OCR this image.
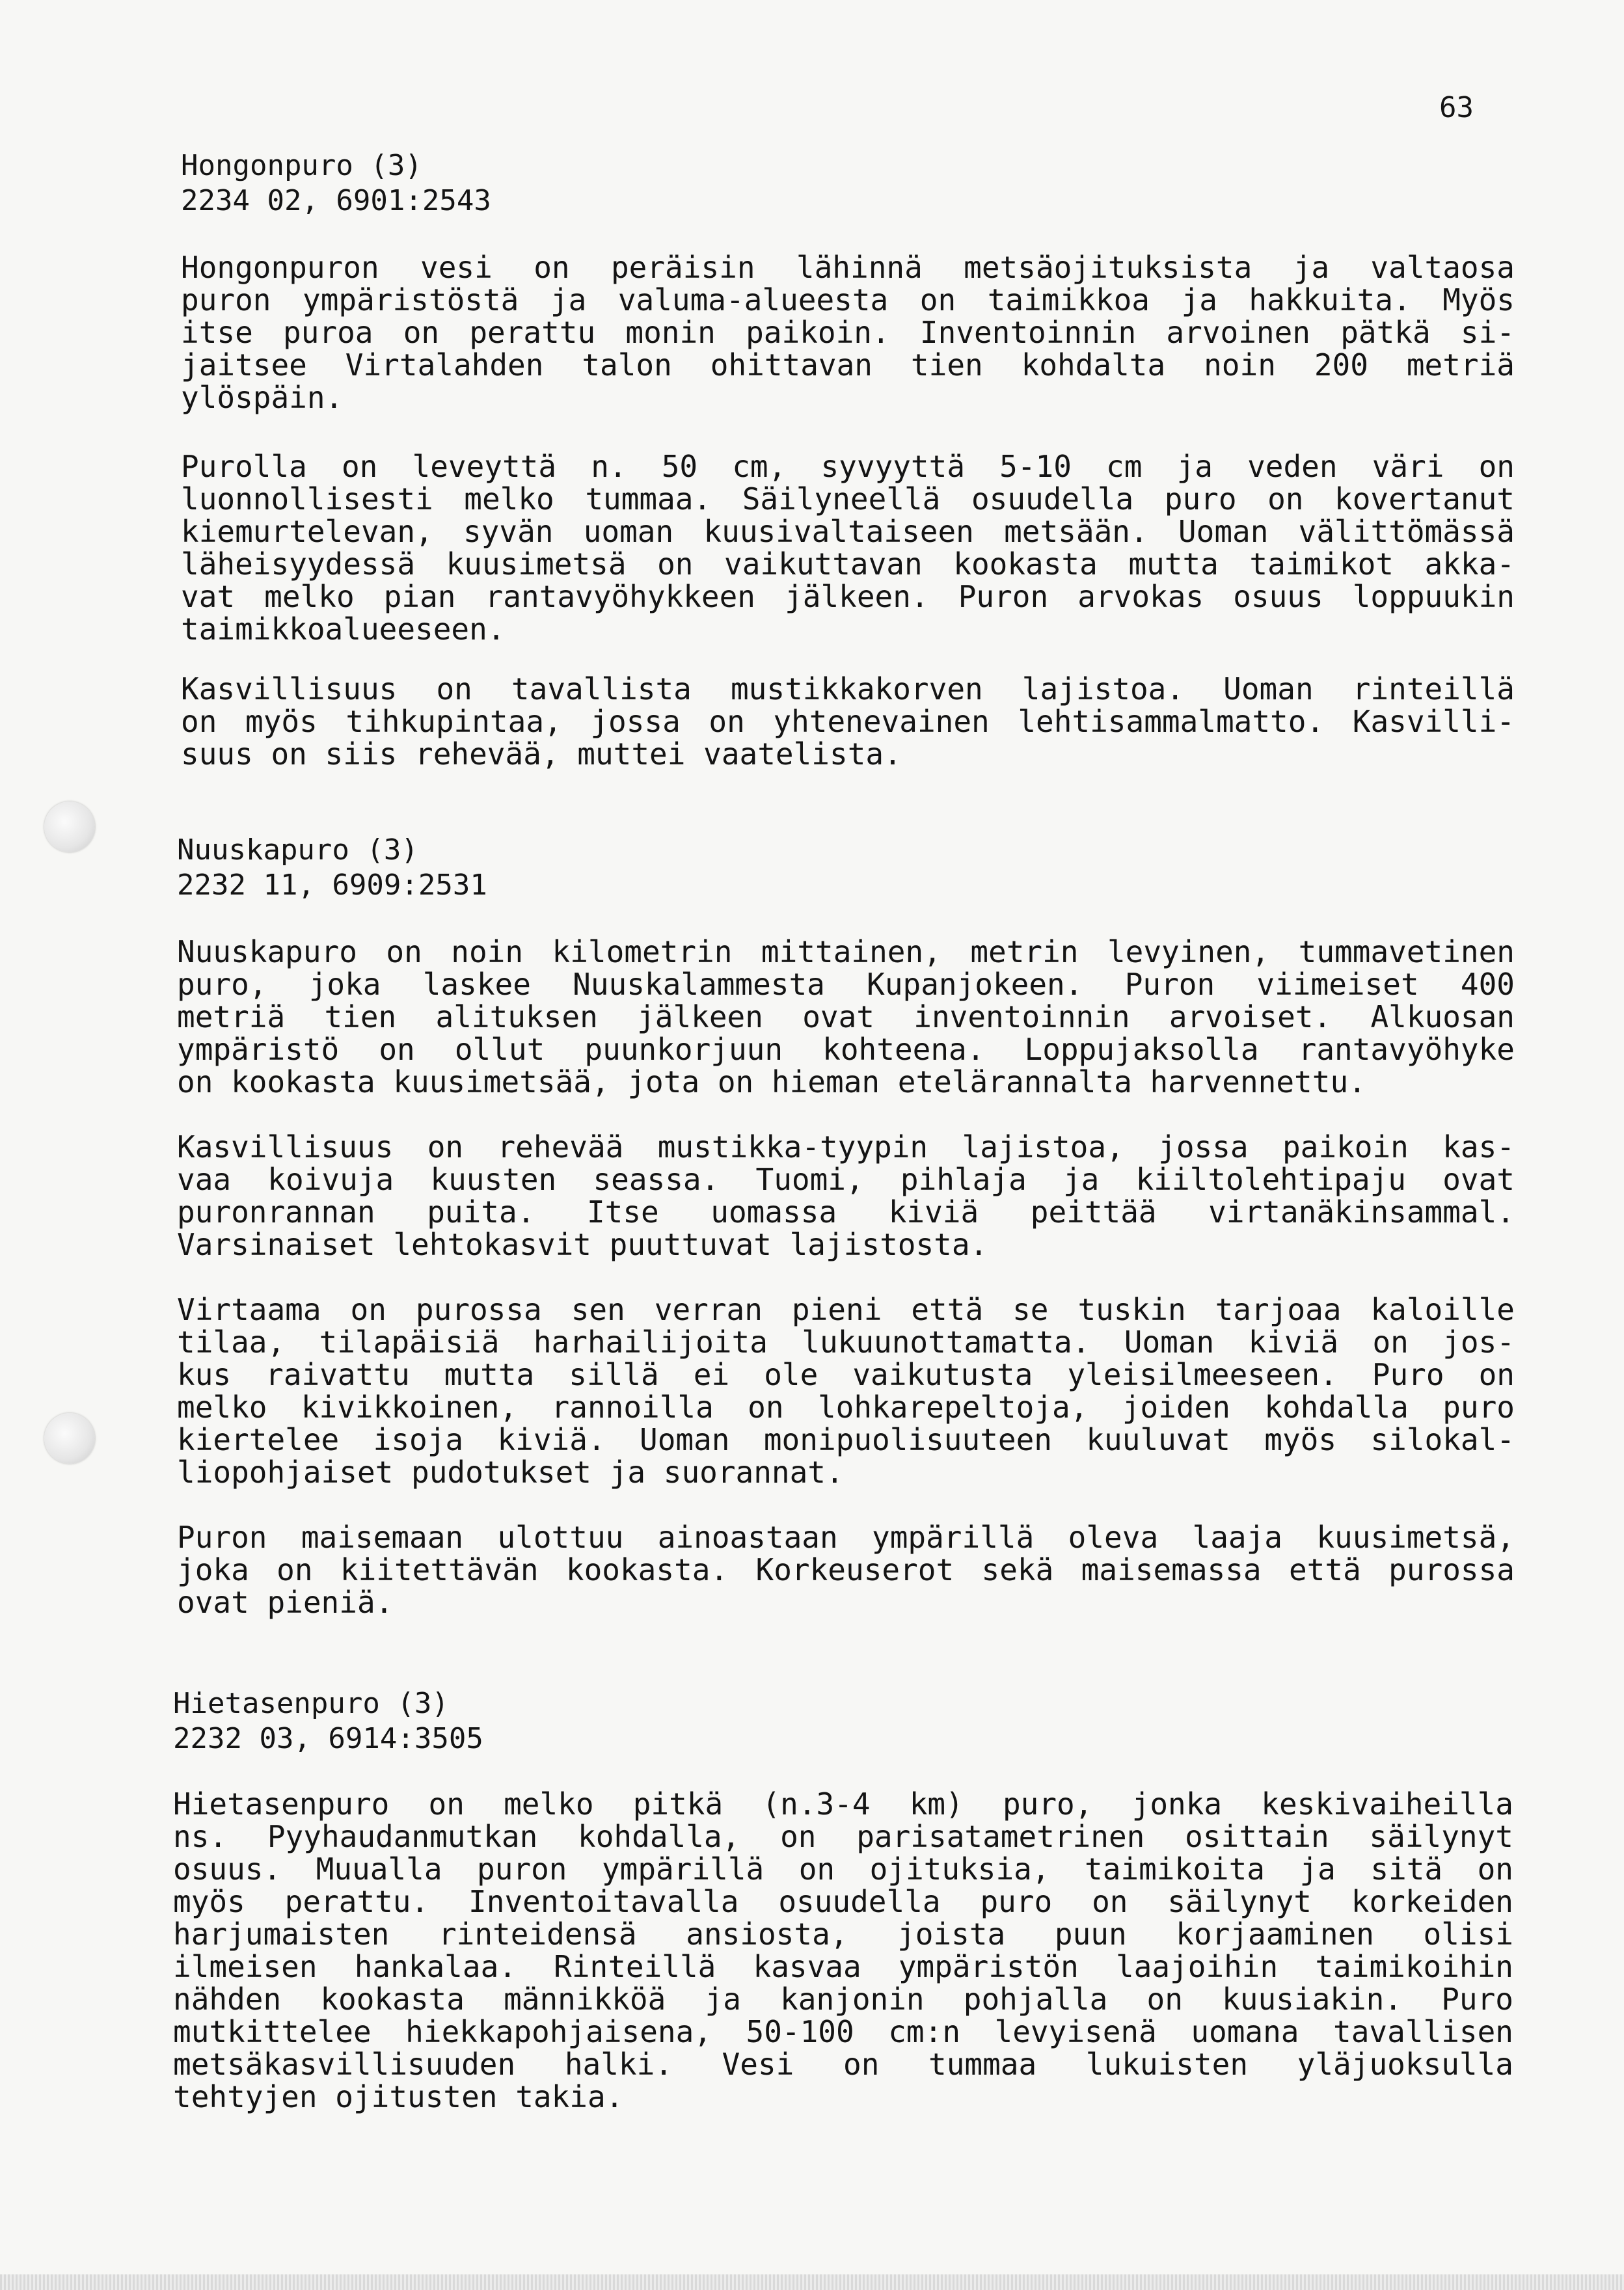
63
Hongonpuro (3)
2234 02, 6901:2543
Hongonpuron vesi on peräisin lähinnä metsäojituksista ja valtaosa
puron ympäristöstä ja valuma-alueesta on taimikkoa ja hakkuita. Myös
itse puroa on perattu monin paikoin. Inventoinnin arvoinen pätkä si-
jaitsee Virtalahden talon ohittavan tien kohdalta noin 200 metriä
ylöspäin.
Purolla on leveyttä n. 50 cm, syvyyttä 5-10 cm ja veden väri on
luonnollisesti melko tummaa. Säilyneellä osuudella puro on kovertanut
kiemurtelevan, syvän uoman kuusivaltaiseen metsään. Uoman välittömässä
läheisyydessä kuusimetsä on vaikuttavan kookasta mutta taimikot akka-
vat melko pian rantavyöhykkeen jälkeen. Puron arvokas osuus loppuukin
taimikkoalueeseen.
Kasvillisuus on tavallista mustikkakorven lajistoa. Uoman rinteillä
on myös tihkupintaa, jossa on yhtenevainen lehtisammalmatto. Kasvilli-
suus on siis rehevää, muttei vaatelista.
Nuuskapuro (3)
2232 11, 6909:2531
Nuuskapuro on noin kilometrin mittainen, metrin levyinen, tummavetinen
puro, joka laskee Nuuskalammesta Kupanjokeen. Puron viimeiset 400
metriä tien alituksen jälkeen ovat inventoinnin arvoiset. Alkuosan
ympäristö on ollut puunkorjuun kohteena. Loppujaksolla rantavyöhyke
on kookasta kuusimetsää, jota on hieman etelärannalta harvennettu.
Kasvillisuus on rehevää mustikka-tyypin lajistoa, jossa paikoin kas-
vaa koivuja kuusten seassa. Tuomi, pihlaja ja kiiltolehtipaju ovat
puronrannan puita. Itse uomassa kiviä peittää virtanäkinsammal.
Varsinaiset lehtokasvit puuttuvat lajistosta.
Virtaama on purossa sen verran pieni että se tuskin tarjoaa kaloille
tilaa, tilapäisiä harhailijoita lukuunottamatta. Uoman kiviä on jos-
kus raivattu mutta sillä ei ole vaikutusta yleisilmeeseen. Puro on
melko kivikkoinen, rannoilla on lohkarepeltoja, joiden kohdalla puro
kiertelee isoja kiviä. Uoman monipuolisuuteen kuuluvat myös silokal-
liopohjaiset pudotukset ja suorannat.
Puron maisemaan ulottuu ainoastaan ympärillä oleva laaja kuusimetsä,
joka on kiitettävän kookasta. Korkeuserot sekä maisemassa että purossa
ovat pieniä.
Hietasenpuro (3)
2232 03, 6914:3505
Hietasenpuro on melko pitkä (n.3-4 km) puro, jonka keskivaiheilla
ns. Pyyhaudanmutkan kohdalla, on parisatametrinen osittain säilynyt
osuus. Muualla puron ympärillä on ojituksia, taimikoita ja sitä on
myös perattu. Inventoitavalla osuudella puro on säilynyt korkeiden
harjumaisten rinteidensä ansiosta, joista puun korjaaminen olisi
ilmeisen hankalaa. Rinteillä kasvaa ympäristön laajoihin taimikoihin
nähden kookasta männikköä ja kanjonin pohjalla on kuusiakin. Puro
mutkittelee hiekkapohjaisena, 50-100 cm:n levyisenä uomana tavallisen
metsäkasvillisuuden halki. Vesi on tummaa lukuisten yläjuoksulla
tehtyjen ojitusten takia.
